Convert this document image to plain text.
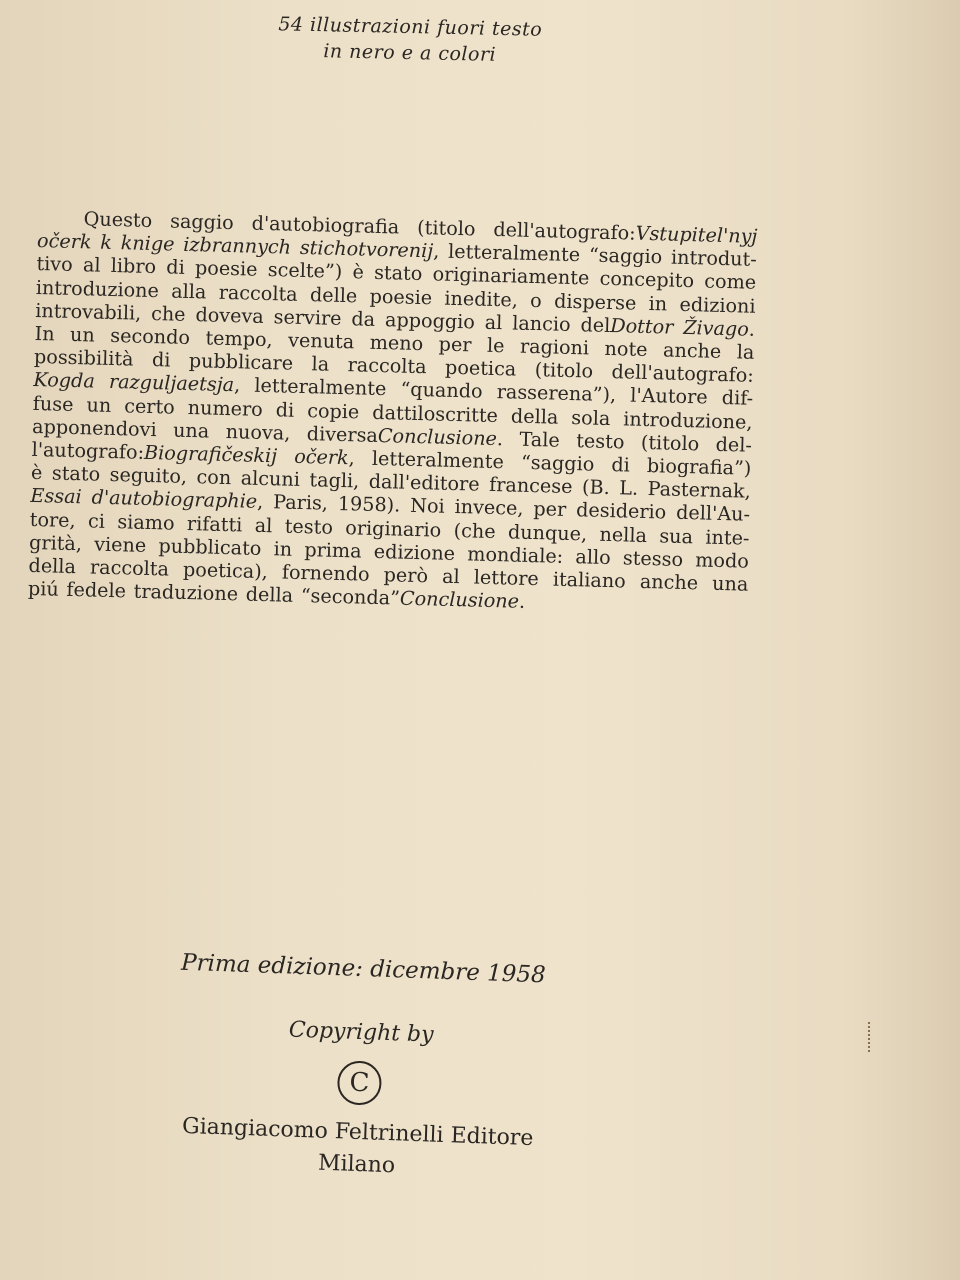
54 illustrazioni fuori testo
in nero e a colori
Questo saggio d'autobiografia (titolo dell'autografo:Vstupitel'nyj
očerk k knige izbrannych stichotvorenij, letteralmente “saggio introdut-
tivo al libro di poesie scelte”) è stato originariamente concepito come
introduzione alla raccolta delle poesie inedite, o disperse in edizioni
introvabili, che doveva servire da appoggio al lancio delDottor Živago.
In un secondo tempo, venuta meno per le ragioni note anche la
possibilità di pubblicare la raccolta poetica (titolo dell'autografo:
Kogda razguljaetsja, letteralmente “quando rasserena”), l'Autore dif-
fuse un certo numero di copie dattiloscritte della sola introduzione,
apponendovi una nuova, diversaConclusione. Tale testo (titolo del-
l'autografo:Biografičeskij očerk, letteralmente “saggio di biografia”)
è stato seguito, con alcuni tagli, dall'editore francese (B. L. Pasternak,
Essai d'autobiographie, Paris, 1958). Noi invece, per desiderio dell'Au-
tore, ci siamo rifatti al testo originario (che dunque, nella sua inte-
grità, viene pubblicato in prima edizione mondiale: allo stesso modo
della raccolta poetica), fornendo però al lettore italiano anche una
piú fedele traduzione della “seconda”Conclusione.
Prima edizione: dicembre 1958
Copyright by
C
Giangiacomo Feltrinelli Editore
Milano
